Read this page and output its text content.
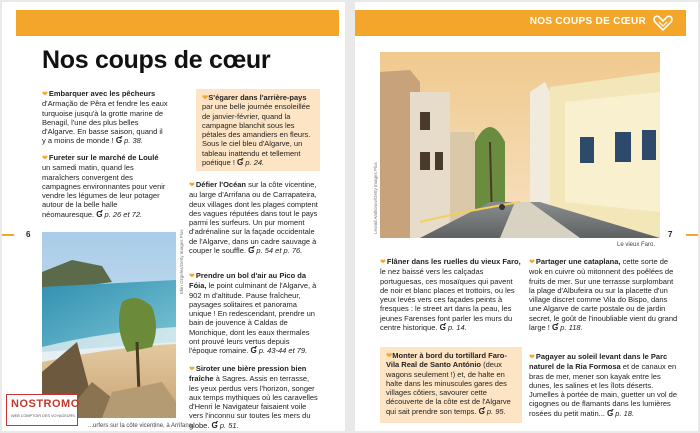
Nos coups de cœur
6
❤Embarquer avec les pêcheurs
d'Armação de Pêra et fendre les eaux turquoise jusqu'à la grotte marine de Benagil, l'une des plus belles d'Algarve. En basse saison, quand il y a moins de monde ! Ɠ p. 38.
❤Fureter sur le marché de Loulé
un samedi matin, quand les maraîchers convergent des campagnes environnantes pour venir vendre les légumes de leur potager autour de la belle halle néomauresque. Ɠ p. 26 et 72.
❤S'égarer dans l'arrière-pays
par une belle journée ensoleillée de janvier-février, quand la campagne blanchit sous les pétales des amandiers en fleurs. Sous le ciel bleu d'Algarve, un tableau inattendu et tellement poétique ! Ɠ p. 24.
❤Défier l'Océan sur la côte vicentine, au large d'Arrifana ou de Carrapateira, deux villages dont les plages comptent des vagues réputées dans tout le pays parmi les surfeurs. Un pur moment d'adrénaline sur la façade occidentale de l'Algarve, dans un cadre sauvage à couper le souffle. Ɠ p. 54 et p. 76.
❤Prendre un bol d'air au Pico da Fóia, le point culminant de l'Algarve, à 902 m d'altitude. Pause fraîcheur, paysages solitaires et panorama unique ! En redescendant, prendre un bain de jouvence à Caldas de Monchique, dont les eaux thermales ont prouvé leurs vertus depuis l'époque romaine. Ɠ p. 43-44 et 79.
❤Siroter une bière pression bien fraîche à Sagres. Assis en terrasse, les yeux perdus vers l'horizon, songer aux temps mythiques où les caravelles d'Henri le Navigateur faisaient voile vers l'inconnu sur toutes les mers du globe. Ɠ p. 51.
Ekin Ozgeles/Getty Images Plus
...urfers sur la côte vicentine, à Arrifana.
NOSTROMO
WEB COMPTOIR DES VOYAGEURS
NOS COUPS DE CŒUR
7
Leonid Andronov/Getty Images Plus
Le vieux Faro.
❤Flâner dans les ruelles du vieux Faro, le nez baissé vers les calçadas portuguesas, ces mosaïques qui pavent de noir et blanc places et trottoirs, ou les yeux levés vers ces façades peints à fresques : le street art dans la peau, les jeunes Farenses font parler les murs du centre historique. Ɠ p. 14.
❤Monter à bord du tortillard Faro-Vila Real de Santo António (deux wagons seulement !) et, de halte en halte dans les minuscules gares des villages côtiers, savourer cette découverte de la côte est de l'Algarve qui sait prendre son temps. Ɠ p. 95.
❤Partager une cataplana, cette sorte de wok en cuivre où mitonnent des poêlées de fruits de mer. Sur une terrasse surplombant la plage d'Albufeira ou sur la placette d'un village discret comme Vila do Bispo, dans une Algarve de carte postale ou de jardin secret, le goût de l'inoubliable vient du grand large ! Ɠ p. 118.
❤Pagayer au soleil levant dans le Parc naturel de la Ria Formosa et de canaux en bras de mer, mener son kayak entre les dunes, les salines et les îlots déserts. Jumelles à portée de main, guetter un vol de cigognes ou de flamants dans les lumières rosées du petit matin... Ɠ p. 18.
